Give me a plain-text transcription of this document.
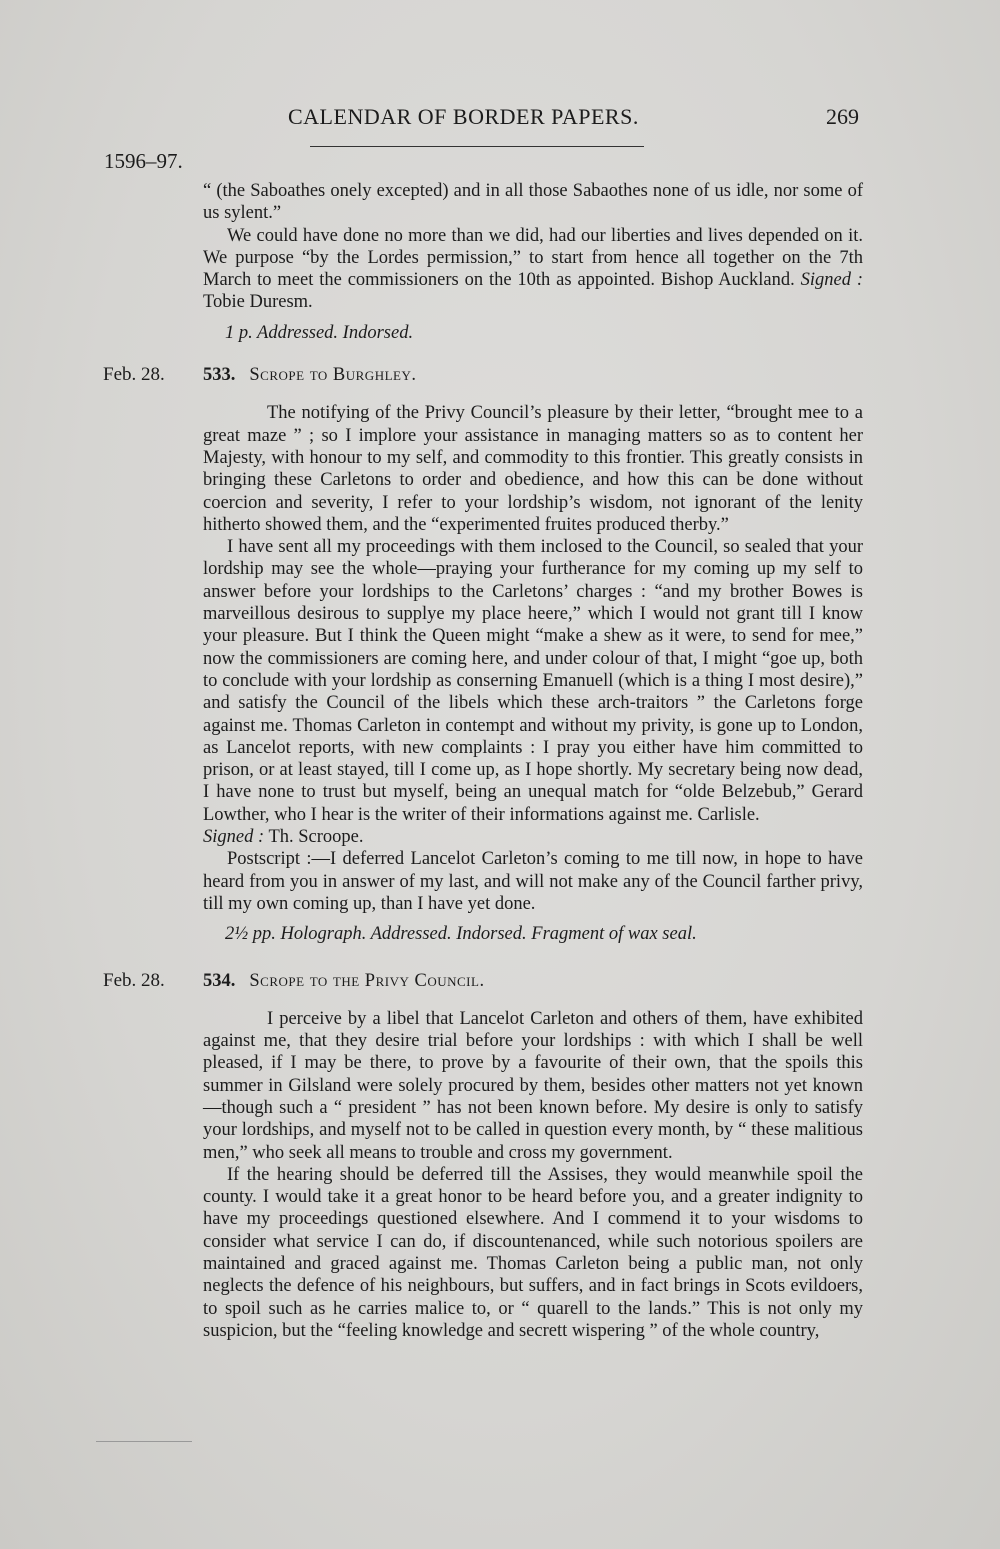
CALENDAR OF BORDER PAPERS.	269
1596–97.

“ (the Saboathes onely excepted) and in all those Sabaothes none of us idle, nor some of us sylent.”

We could have done no more than we did, had our liberties and lives depended on it. We purpose “by the Lordes permission,” to start from hence all together on the 7th March to meet the commissioners on the 10th as appointed. Bishop Auckland. Signed : Tobie Duresm.

1 p. Addressed. Indorsed.

Feb. 28. 533. Scrope to Burghley.

The notifying of the Privy Council’s pleasure by their letter, “brought mee to a great maze ” ; so I implore your assistance in managing matters so as to content her Majesty, with honour to my self, and commodity to this frontier. This greatly consists in bringing these Carletons to order and obedience, and how this can be done without coercion and severity, I refer to your lordship’s wisdom, not ignorant of the lenity hitherto showed them, and the “experimented fruites produced therby.”

I have sent all my proceedings with them inclosed to the Council, so sealed that your lordship may see the whole—praying your furtherance for my coming up my self to answer before your lordships to the Carletons’ charges : “and my brother Bowes is marveillous desirous to supplye my place heere,” which I would not grant till I know your pleasure. But I think the Queen might “make a shew as it were, to send for mee,” now the commissioners are coming here, and under colour of that, I might “goe up, both to conclude with your lordship as conserning Emanuell (which is a thing I most desire),” and satisfy the Council of the libels which these arch-traitors ” the Carletons forge against me. Thomas Carleton in contempt and without my privity, is gone up to London, as Lancelot reports, with new complaints : I pray you either have him committed to prison, or at least stayed, till I come up, as I hope shortly. My secretary being now dead, I have none to trust but myself, being an unequal match for “olde Belzebub,” Gerard Lowther, who I hear is the writer of their informations against me. Carlisle.

Signed : Th. Scroope.

Postscript :—I deferred Lancelot Carleton’s coming to me till now, in hope to have heard from you in answer of my last, and will not make any of the Council farther privy, till my own coming up, than I have yet done.

2½ pp. Holograph. Addressed. Indorsed. Fragment of wax seal.

Feb. 28. 534. Scrope to the Privy Council.

I perceive by a libel that Lancelot Carleton and others of them, have exhibited against me, that they desire trial before your lordships : with which I shall be well pleased, if I may be there, to prove by a favourite of their own, that the spoils this summer in Gilsland were solely procured by them, besides other matters not yet known—though such a “ president ” has not been known before. My desire is only to satisfy your lordships, and myself not to be called in question every month, by “ these malitious men,” who seek all means to trouble and cross my government.

If the hearing should be deferred till the Assises, they would meanwhile spoil the county. I would take it a great honor to be heard before you, and a greater indignity to have my proceedings questioned elsewhere. And I commend it to your wisdoms to consider what service I can do, if discountenanced, while such notorious spoilers are maintained and graced against me. Thomas Carleton being a public man, not only neglects the defence of his neighbours, but suffers, and in fact brings in Scots evildoers, to spoil such as he carries malice to, or “ quarell to the lands.” This is not only my suspicion, but the “feeling knowledge and secrett wispering ” of the whole country,
